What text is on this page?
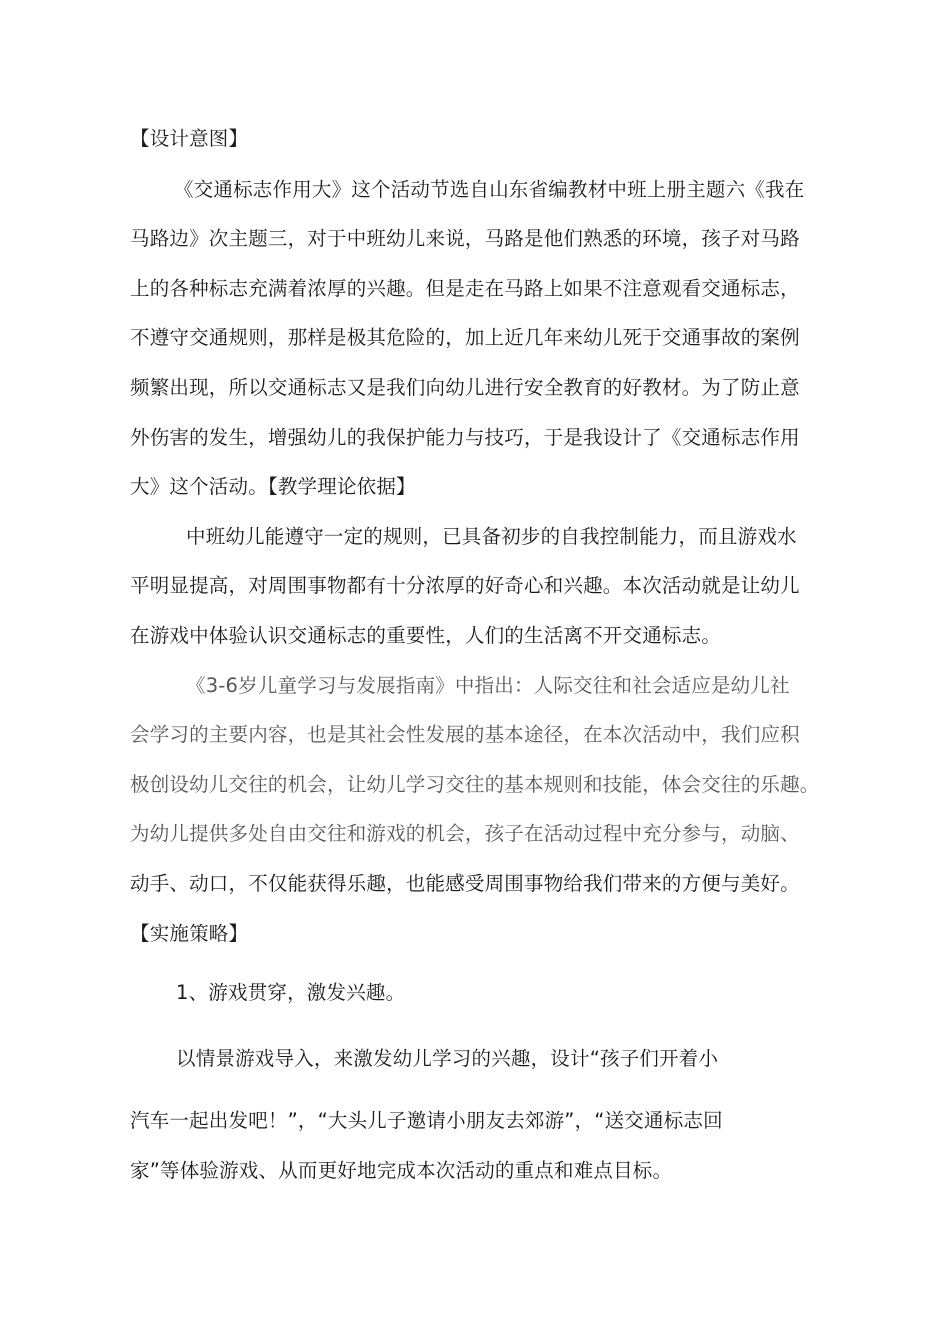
【设计意图】

《交通标志作用大》这个活动节选自山东省编教材中班上册主题六《我在

马路边》次主题三，对于中班幼儿来说，马路是他们熟悉的环境，孩子对马路

上的各种标志充满着浓厚的兴趣。但是走在马路上如果不注意观看交通标志，

不遵守交通规则，那样是极其危险的，加上近几年来幼儿死于交通事故的案例

频繁出现，所以交通标志又是我们向幼儿进行安全教育的好教材。为了防止意

外伤害的发生，增强幼儿的我保护能力与技巧，于是我设计了《交通标志作用

大》这个活动。【教学理论依据】

中班幼儿能遵守一定的规则，已具备初步的自我控制能力，而且游戏水

平明显提高，对周围事物都有十分浓厚的好奇心和兴趣。本次活动就是让幼儿

在游戏中体验认识交通标志的重要性，人们的生活离不开交通标志。

《3-6岁儿童学习与发展指南》中指出：人际交往和社会适应是幼儿社

会学习的主要内容，也是其社会性发展的基本途径，在本次活动中，我们应积

极创设幼儿交往的机会，让幼儿学习交往的基本规则和技能，体会交往的乐趣。

为幼儿提供多处自由交往和游戏的机会，孩子在活动过程中充分参与，动脑、

动手、动口，不仅能获得乐趣，也能感受周围事物给我们带来的方便与美好。

【实施策略】

1、游戏贯穿，激发兴趣。

以情景游戏导入，来激发幼儿学习的兴趣，设计“孩子们开着小

汽车一起出发吧！”，“大头儿子邀请小朋友去郊游”，“送交通标志回

家”等体验游戏、从而更好地完成本次活动的重点和难点目标。
